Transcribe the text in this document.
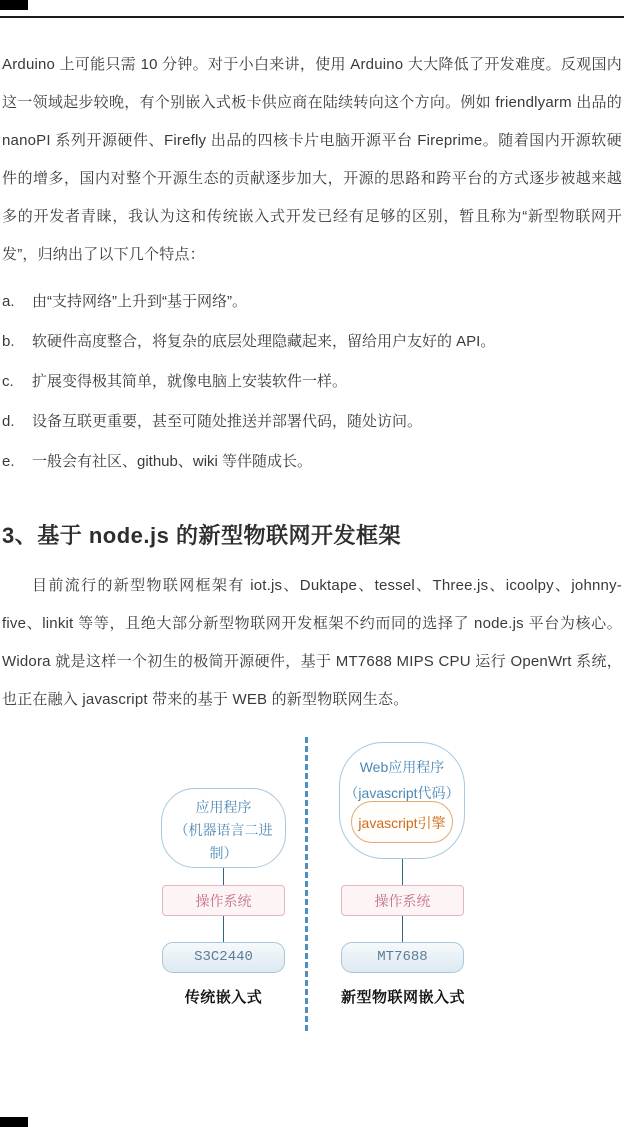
Arduino 上可能只需 10 分钟。对于小白来讲，使用 Arduino 大大降低了开发难度。反观国内这一领域起步较晚，有个别嵌入式板卡供应商在陆续转向这个方向。例如 friendlyarm 出品的 nanoPI 系列开源硬件、Firefly 出品的四核卡片电脑开源平台 Fireprime。随着国内开源软硬件的增多，国内对整个开源生态的贡献逐步加大，开源的思路和跨平台的方式逐步被越来越多的开发者青睐，我认为这和传统嵌入式开发已经有足够的区别，暂且称为“新型物联网开发”，归纳出了以下几个特点：

a.	由“支持网络”上升到“基于网络”。
b.	软硬件高度整合，将复杂的底层处理隐藏起来，留给用户友好的 API。
c.	扩展变得极其简单，就像电脑上安装软件一样。
d.	设备互联更重要，甚至可随处推送并部署代码，随处访问。
e.	一般会有社区、github、wiki 等伴随成长。
3、基于 node.js 的新型物联网开发框架

目前流行的新型物联网框架有 iot.js、Duktape、tessel、Three.js、icoolpy、johnny-five、linkit 等等，且绝大部分新型物联网开发框架不约而同的选择了 node.js 平台为核心。Widora 就是这样一个初生的极简开源硬件，基于 MT7688 MIPS CPU 运行 OpenWrt 系统，也正在融入 javascript 带来的基于 WEB 的新型物联网生态。

应用程序
（机器语言二进
制）
操作系统
S3C2440
传统嵌入式
Web应用程序
（javascript代码）
javascript引擎
操作系统
MT7688
新型物联网嵌入式
